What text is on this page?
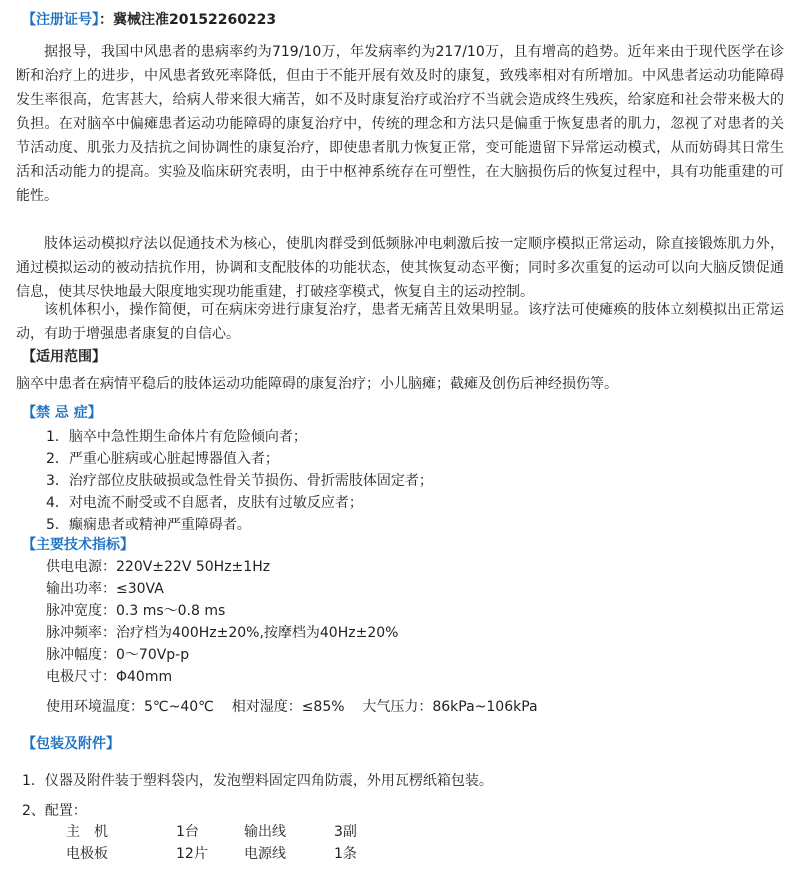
【注册证号】：冀械注准20152260223
据报导，我国中风患者的患病率约为719/10万，年发病率约为217/10万，且有增高的趋势。近年来由于现代医学在诊断和治疗上的进步，中风患者致死率降低，但由于不能开展有效及时的康复，致残率相对有所增加。中风患者运动功能障碍发生率很高，危害甚大，给病人带来很大痛苦，如不及时康复治疗或治疗不当就会造成终生残疾，给家庭和社会带来极大的负担。在对脑卒中偏瘫患者运动功能障碍的康复治疗中，传统的理念和方法只是偏重于恢复患者的肌力，忽视了对患者的关节活动度、肌张力及拮抗之间协调性的康复治疗，即使患者肌力恢复正常，变可能遗留下异常运动模式，从而妨碍其日常生活和活动能力的提高。实验及临床研究表明，由于中枢神系统存在可塑性，在大脑损伤后的恢复过程中，具有功能重建的可能性。
肢体运动模拟疗法以促通技术为核心，使肌肉群受到低频脉冲电刺激后按一定顺序模拟正常运动，除直接锻炼肌力外，通过模拟运动的被动拮抗作用，协调和支配肢体的功能状态，使其恢复动态平衡；同时多次重复的运动可以向大脑反馈促通信息，使其尽快地最大限度地实现功能重建，打破痉挛模式，恢复自主的运动控制。
该机体积小，操作简便，可在病床旁进行康复治疗，患者无痛苦且效果明显。该疗法可使瘫痪的肢体立刻模拟出正常运动，有助于增强患者康复的自信心。
【适用范围】
脑卒中患者在病情平稳后的肢体运动功能障碍的康复治疗；小儿脑瘫；截瘫及创伤后神经损伤等。
【禁 忌 症】
1．脑卒中急性期生命体片有危险倾向者；
2．严重心脏病或心脏起博器值入者；
3．治疗部位皮肤破损或急性骨关节损伤、骨折需肢体固定者；
4．对电流不耐受或不自愿者，皮肤有过敏反应者；
5．癫痫患者或精神严重障碍者。
【主要技术指标】
供电电源：220V±22V 50Hz±1Hz
输出功率：≤30VA
脉冲宽度：0.3 ms～0.8 ms
脉冲频率：治疗档为400Hz±20%,按摩档为40Hz±20%
脉冲幅度：0～70Vp-p
电极尺寸：Φ40mm
使用环境温度：5℃~40℃    相对湿度：≤85%    大气压力：86kPa~106kPa
【包装及附件】
1．仪器及附件装于塑料袋内，发泡塑料固定四角防震，外用瓦楞纸箱包装。
2、配置：
主　机	1台	输出线	3副
电极板	12片	电源线	1条
